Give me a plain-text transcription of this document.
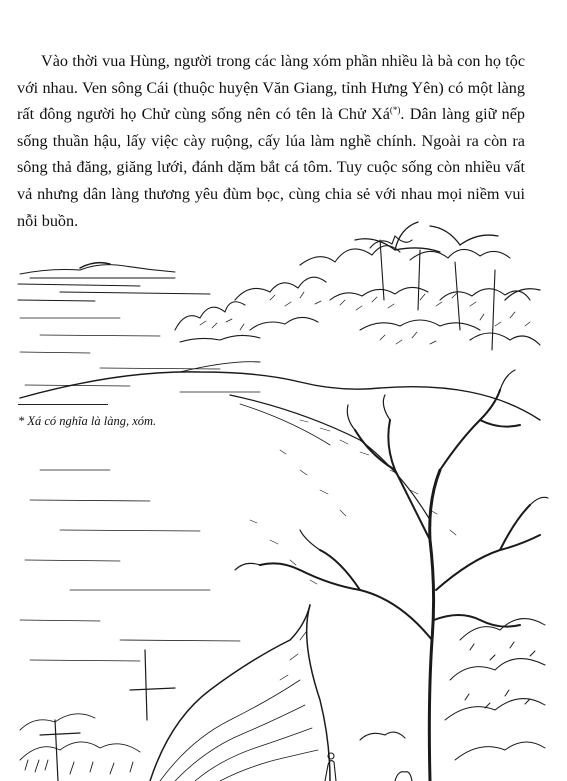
Vào thời vua Hùng, người trong các làng xóm phần nhiều là bà con họ tộc với nhau. Ven sông Cái (thuộc huyện Văn Giang, tỉnh Hưng Yên) có một làng rất đông người họ Chử cùng sống nên có tên là Chử Xá(*). Dân làng giữ nếp sống thuần hậu, lấy việc cày ruộng, cấy lúa làm nghề chính. Ngoài ra còn ra sông thả đăng, giăng lưới, đánh dặm bắt cá tôm. Tuy cuộc sống còn nhiều vất vả nhưng dân làng thương yêu đùm bọc, cùng chia sẻ với nhau mọi niềm vui nỗi buồn.

* Xá có nghĩa là làng, xóm.
